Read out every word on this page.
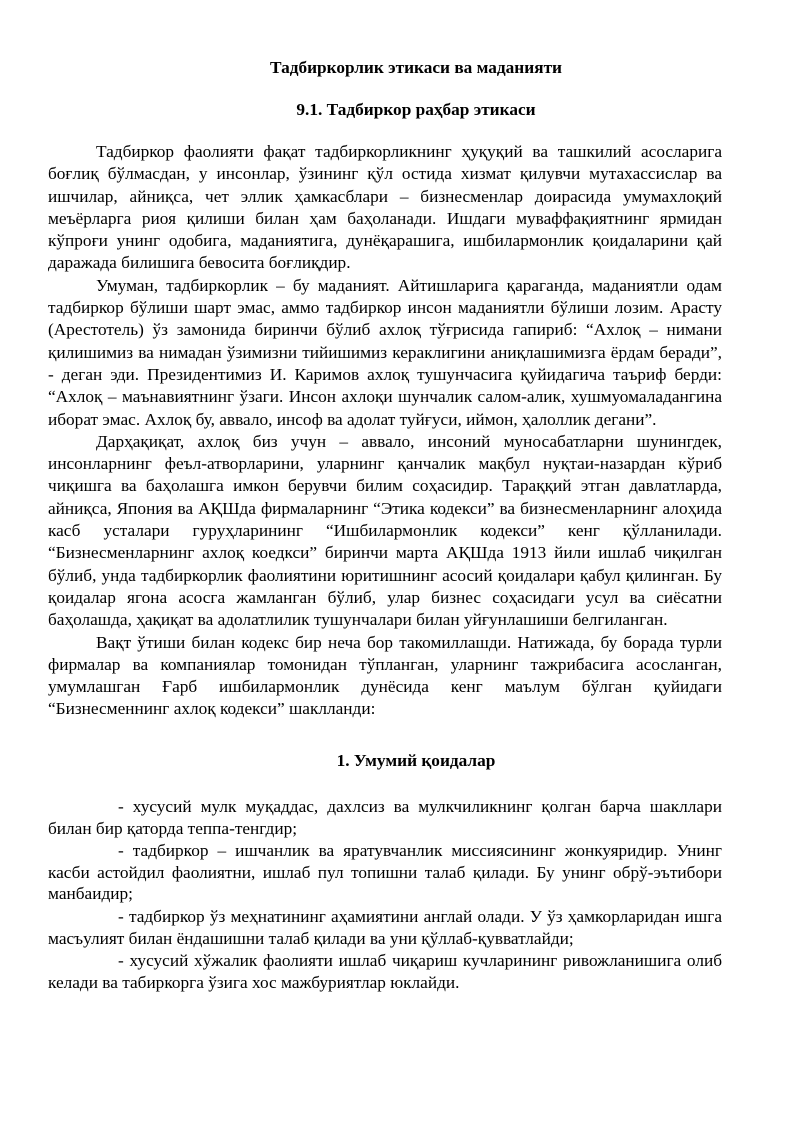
Тадбиркорлик этикаси ва маданияти
9.1. Тадбиркор раҳбар этикаси

Тадбиркор фаолияти фақат тадбиркорликнинг ҳуқуқий ва ташкилий асосларига боғлиқ бўлмасдан, у инсонлар, ўзининг қўл остида хизмат қилувчи мутахассислар ва ишчилар, айниқса, чет эллик ҳамкасблари – бизнесменлар доирасида умумахлоқий меъёрларга риоя қилиши билан ҳам баҳоланади. Ишдаги муваффақиятнинг ярмидан кўпроғи унинг одобига, маданиятига, дунёқарашига, ишбилармонлик қоидаларини қай даражада билишига бевосита боғлиқдир.

Умуман, тадбиркорлик – бу маданият. Айтишларига қараганда, маданиятли одам тадбиркор бўлиши шарт эмас, аммо тадбиркор инсон маданиятли бўлиши лозим. Арасту (Арестотель) ўз замонида биринчи бўлиб ахлоқ тўғрисида гапириб: “Ахлоқ – нимани қилишимиз ва нимадан ўзимизни тийишимиз кераклигини аниқлашимизга ёрдам беради”, - деган эди. Президентимиз И. Каримов ахлоқ тушунчасига қуйидагича таъриф берди: “Ахлоқ – маънавиятнинг ўзаги. Инсон ахлоқи шунчалик салом-алик, хушмуомаладангина иборат эмас. Ахлоқ бу, аввало, инсоф ва адолат туйғуси, иймон, ҳалоллик дегани”.

Дарҳақиқат, ахлоқ биз учун – аввало, инсоний муносабатларни шунингдек, инсонларнинг феъл-атворларини, уларнинг қанчалик мақбул нуқтаи-назардан кўриб чиқишга ва баҳолашга имкон берувчи билим соҳасидир. Тараққий этган давлатларда, айниқса, Япония ва АҚШда фирмаларнинг “Этика кодекси” ва бизнесменларнинг алоҳида касб усталари гуруҳларининг “Ишбилармонлик кодекси” кенг қўлланилади. “Бизнесменларнинг ахлоқ коедкси” биринчи марта АҚШда 1913 йили ишлаб чиқилган бўлиб, унда тадбиркорлик фаолиятини юритишнинг асосий қоидалари қабул қилинган. Бу қоидалар ягона асосга жамланган бўлиб, улар бизнес соҳасидаги усул ва сиёсатни баҳолашда, ҳақиқат ва адолатлилик тушунчалари билан уйғунлашиши белгиланган.

Вақт ўтиши билан кодекс бир неча бор такомиллашди. Натижада, бу борада турли фирмалар ва компаниялар томонидан тўпланган, уларнинг тажрибасига асосланган, умумлашган Ғарб ишбилармонлик дунёсида кенг маълум бўлган қуйидаги “Бизнесменнинг ахлоқ кодекси” шаклланди:

1. Умумий қоидалар

- хусусий мулк муқаддас, дахлсиз ва мулкчиликнинг қолган барча шакллари билан бир қаторда теппа-тенгдир;

- тадбиркор – ишчанлик ва яратувчанлик миссиясининг жонкуяридир. Унинг касби астойдил фаолиятни, ишлаб пул топишни талаб қилади. Бу унинг обрў-эътибори манбаидир;

- тадбиркор ўз меҳнатининг аҳамиятини англай олади. У ўз ҳамкорларидан ишга масъулият билан ёндашишни талаб қилади ва уни қўллаб-қувватлайди;

- хусусий хўжалик фаолияти ишлаб чиқариш кучларининг ривожланишига олиб келади ва табиркорга ўзига хос мажбуриятлар юклайди.
